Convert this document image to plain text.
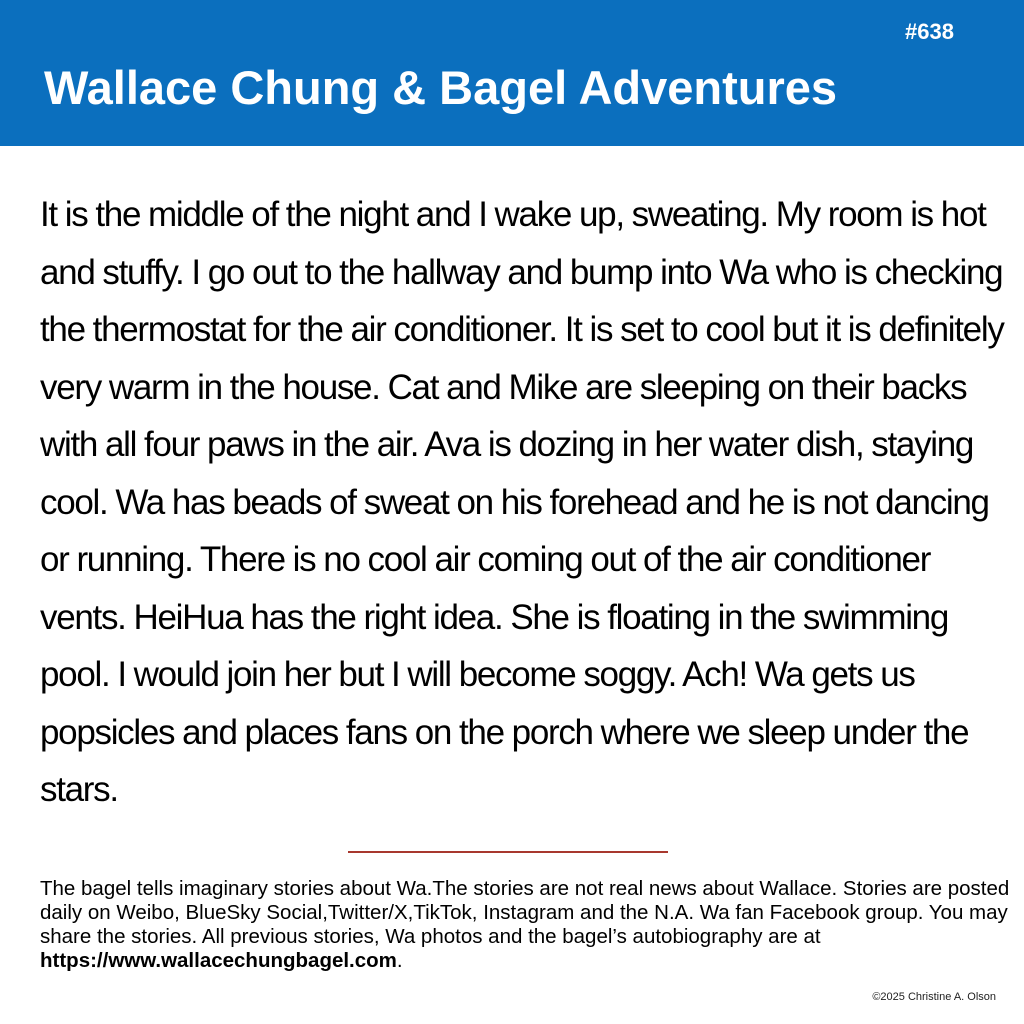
#638
Wallace Chung & Bagel Adventures

It is the middle of the night and I wake up, sweating. My room is hot and stuffy. I go out to the hallway and bump into Wa who is checking the thermostat for the air conditioner. It is set to cool but it is definitely very warm in the house. Cat and Mike are sleeping on their backs with all four paws in the air. Ava is dozing in her water dish, staying cool. Wa has beads of sweat on his forehead and he is not dancing or running. There is no cool air coming out of the air conditioner vents. HeiHua has the right idea. She is floating in the swimming pool. I would join her but I will become soggy. Ach! Wa gets us popsicles and places fans on the porch where we sleep under the stars.

The bagel tells imaginary stories about Wa.The stories are not real news about Wallace. Stories are posted daily on Weibo, BlueSky Social,Twitter/X,TikTok, Instagram and the N.A. Wa fan Facebook group. You may share the stories. All previous stories, Wa photos and the bagel’s autobiography are at https://www.wallacechungbagel.com.

©2025 Christine A. Olson
